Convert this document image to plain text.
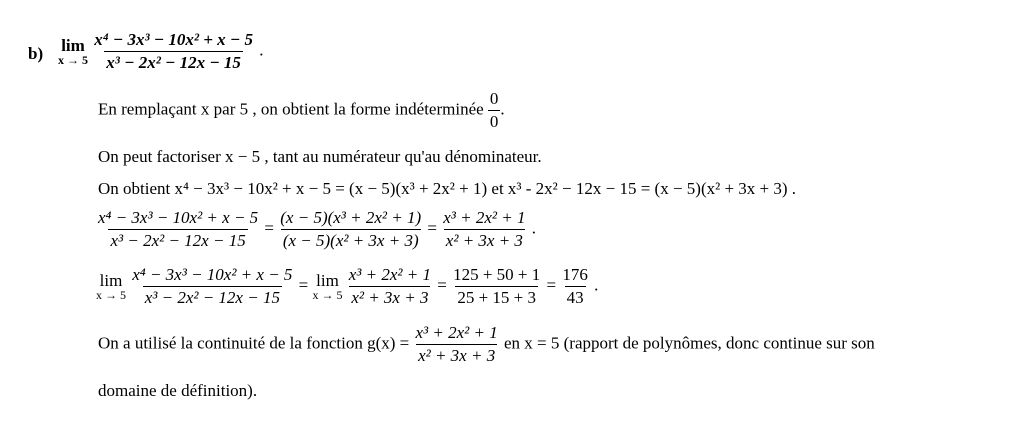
b) lim
x → 5
$\frac{\text{x⁴ − 3x³ − 10x² + x − 5}}{\text{x³ − 2x² − 12x − 15}}$ .
En remplaçant x par 5 , on obtient la forme indéterminée $\frac{0}{0}$ .
On peut factoriser x − 5 , tant au numérateur qu'au dénominateur.
On obtient x⁴ − 3x³ − 10x² + x − 5 = (x − 5)(x³ + 2x² + 1) et x³ - 2x² − 12x − 15 = (x − 5)(x² + 3x + 3) .
$\frac{\text{x⁴ − 3x³ − 10x² + x − 5}}{\text{x³ − 2x² − 12x − 15}} = \frac{\text{(x − 5)(x³ + 2x² + 1)}}{\text{(x − 5)(x² + 3x + 3)}} = \frac{\text{x³ + 2x² + 1}}{\text{x² + 3x + 3}}$ .
lim
x → 5
$\frac{\text{x⁴ − 3x³ − 10x² + x − 5}}{\text{x³ − 2x² − 12x − 15}} = \lim$
x → 5
$\frac{\text{x³ + 2x² + 1}}{\text{x² + 3x + 3}} = \frac{125 + 50 + 1}{25 + 15 + 3} = \frac{176}{43}$ .
On a utilisé la continuité de la fonction $g(x) = \frac{\text{x³ + 2x² + 1}}{\text{x² + 3x + 3}}$ en x = 5 (rapport de polynômes, donc continue sur son
domaine de définition).
